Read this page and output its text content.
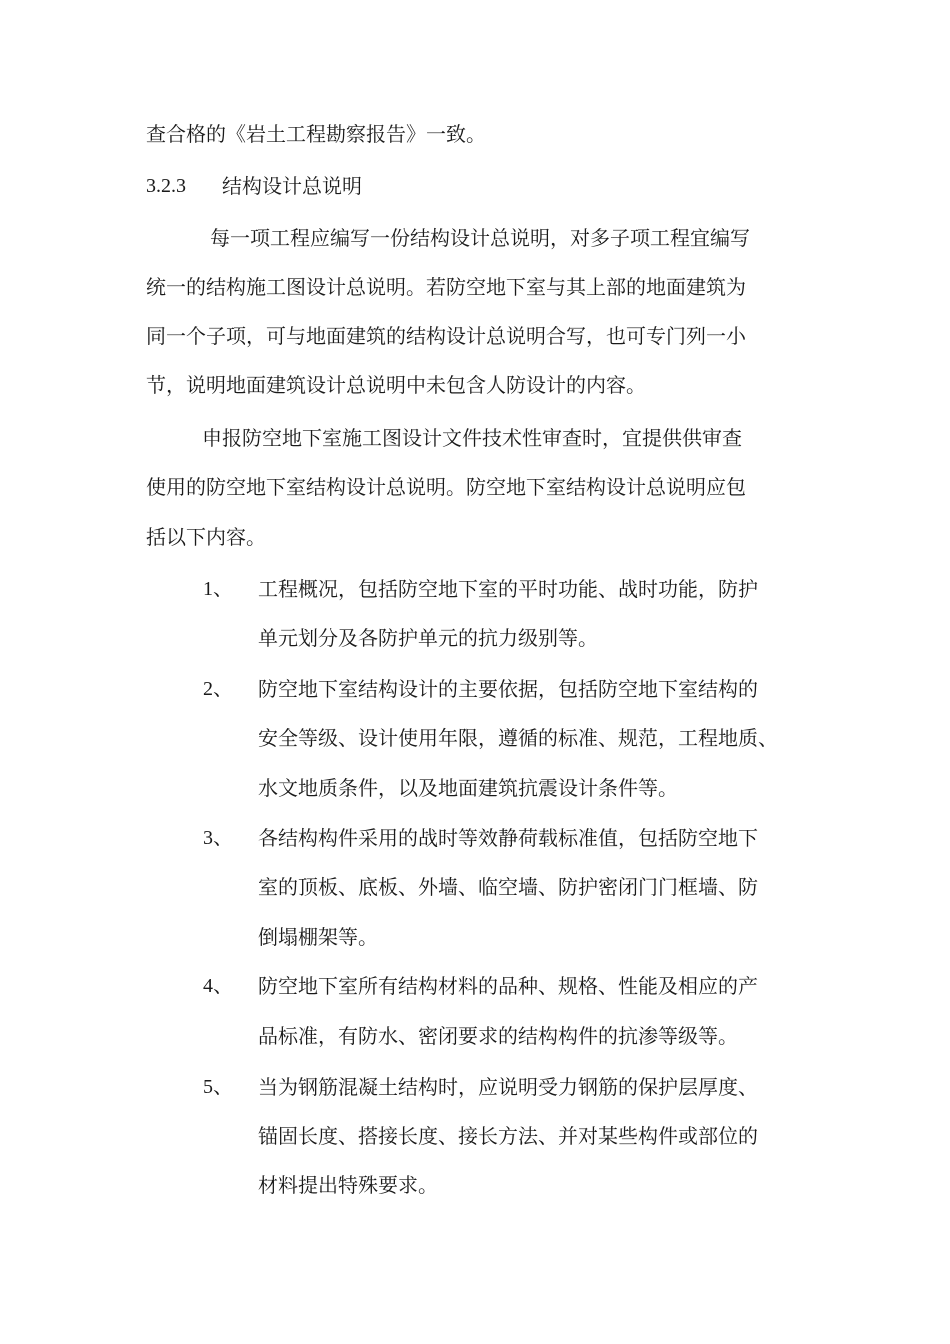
查合格的《岩土工程勘察报告》一致。
3.2.3 结构设计总说明
每一项工程应编写一份结构设计总说明，对多子项工程宜编写
统一的结构施工图设计总说明。若防空地下室与其上部的地面建筑为
同一个子项，可与地面建筑的结构设计总说明合写，也可专门列一小
节，说明地面建筑设计总说明中未包含人防设计的内容。
申报防空地下室施工图设计文件技术性审查时，宜提供供审查
使用的防空地下室结构设计总说明。防空地下室结构设计总说明应包
括以下内容。
1、 工程概况，包括防空地下室的平时功能、战时功能，防护
单元划分及各防护单元的抗力级别等。
2、 防空地下室结构设计的主要依据，包括防空地下室结构的
安全等级、设计使用年限，遵循的标准、规范，工程地质、
水文地质条件，以及地面建筑抗震设计条件等。
3、 各结构构件采用的战时等效静荷载标准值，包括防空地下
室的顶板、底板、外墙、临空墙、防护密闭门门框墙、防
倒塌棚架等。
4、 防空地下室所有结构材料的品种、规格、性能及相应的产
品标准，有防水、密闭要求的结构构件的抗渗等级等。
5、 当为钢筋混凝土结构时，应说明受力钢筋的保护层厚度、
锚固长度、搭接长度、接长方法、并对某些构件或部位的
材料提出特殊要求。
